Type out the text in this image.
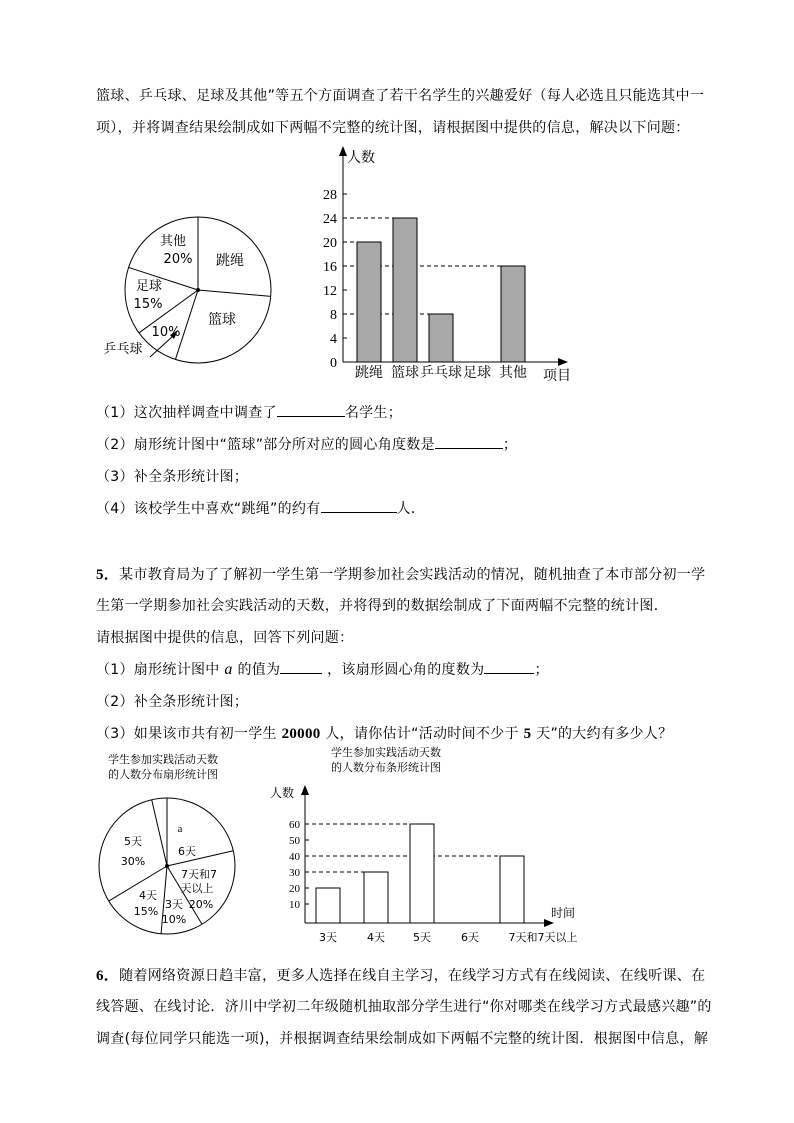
篮球、乒乓球、足球及其他”等五个方面调查了若干名学生的兴趣爱好（每人必选且只能选其中一
项），并将调查结果绘制成如下两幅不完整的统计图，请根据图中提供的信息，解决以下问题：
其他
20% 跳绳
篮球
足球
15%
10%
乒乓球
0
4
8
12
16
20
24
28
跳绳 篮球 乒乓球 足球 其他
人数
项目
（1）这次抽样调查中调查了	名学生；
（2）扇形统计图中“篮球”部分所对应的圆心角度数是	；
（3）补全条形统计图；
（4）该校学生中喜欢“跳绳”的约有	人．
5．某市教育局为了了解初一学生第一学期参加社会实践活动的情况，随机抽查了本市部分初一学
生第一学期参加社会实践活动的天数，并将得到的数据绘制成了下面两幅不完整的统计图．
请根据图中提供的信息，回答下列问题：
（1）扇形统计图中 a 的值为	，该扇形圆心角的度数为	；
（2）补全条形统计图；
（3）如果该市共有初一学生 20000 人，请你估计“活动时间不少于 5 天”的大约有多少人？
学生参加实践活动天数
的人数分布扇形统计图
a
6天
5天
30%
4天
15%
3天
10%
7天和7
天以上
20%
学生参加实践活动天数
的人数分布条形统计图
10
20
30
40
50
60
3天	4天	5天	6天	7天和7天以上
人数
时间
6．随着网络资源日趋丰富，更多人选择在线自主学习，在线学习方式有在线阅读、在线听课、在
线答题、在线讨论．济川中学初二年级随机抽取部分学生进行“你对哪类在线学习方式最感兴趣”的
调查(每位同学只能选一项)，并根据调查结果绘制成如下两幅不完整的统计图．根据图中信息，解
